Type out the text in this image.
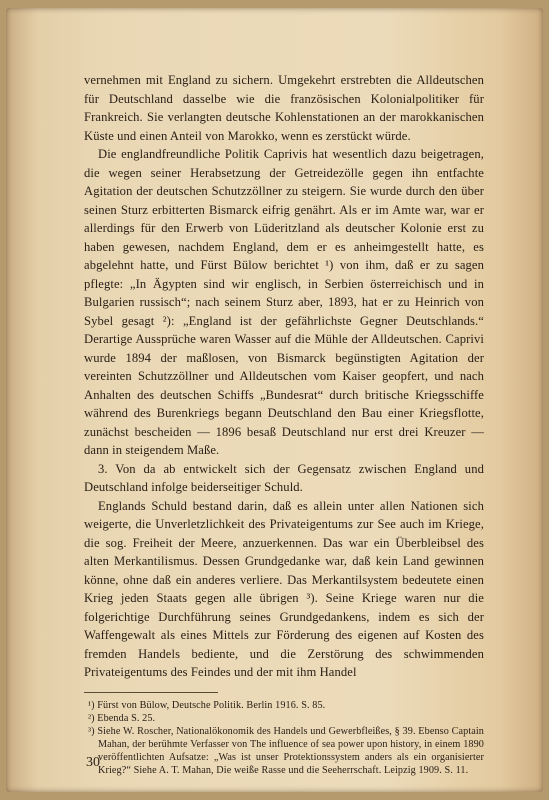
vernehmen mit England zu sichern. Umgekehrt erstrebten die Alldeutschen für Deutschland dasselbe wie die französischen Kolonialpolitiker für Frankreich. Sie verlangten deutsche Kohlenstationen an der marokkanischen Küste und einen Anteil von Marokko, wenn es zerstückt würde.

Die englandfreundliche Politik Caprivis hat wesentlich dazu beigetragen, die wegen seiner Herabsetzung der Getreidezölle gegen ihn entfachte Agitation der deutschen Schutzzöllner zu steigern. Sie wurde durch den über seinen Sturz erbitterten Bismarck eifrig genährt. Als er im Amte war, war er allerdings für den Erwerb von Lüderitzland als deutscher Kolonie erst zu haben gewesen, nachdem England, dem er es anheimgestellt hatte, es abgelehnt hatte, und Fürst Bülow berichtet ¹) von ihm, daß er zu sagen pflegte: „In Ägypten sind wir englisch, in Serbien österreichisch und in Bulgarien russisch“; nach seinem Sturz aber, 1893, hat er zu Heinrich von Sybel gesagt ²): „England ist der gefährlichste Gegner Deutschlands.“ Derartige Aussprüche waren Wasser auf die Mühle der Alldeutschen. Caprivi wurde 1894 der maßlosen, von Bismarck begünstigten Agitation der vereinten Schutzzöllner und Alldeutschen vom Kaiser geopfert, und nach Anhalten des deutschen Schiffs „Bundesrat“ durch britische Kriegsschiffe während des Burenkriegs begann Deutschland den Bau einer Kriegsflotte, zunächst bescheiden — 1896 besaß Deutschland nur erst drei Kreuzer — dann in steigendem Maße.

3. Von da ab entwickelt sich der Gegensatz zwischen England und Deutschland infolge beiderseitiger Schuld.

Englands Schuld bestand darin, daß es allein unter allen Nationen sich weigerte, die Unverletzlichkeit des Privateigentums zur See auch im Kriege, die sog. Freiheit der Meere, anzuerkennen. Das war ein Überbleibsel des alten Merkantilismus. Dessen Grundgedanke war, daß kein Land gewinnen könne, ohne daß ein anderes verliere. Das Merkantilsystem bedeutete einen Krieg jeden Staats gegen alle übrigen ³). Seine Kriege waren nur die folgerichtige Durchführung seines Grundgedankens, indem es sich der Waffengewalt als eines Mittels zur Förderung des eigenen auf Kosten des fremden Handels bediente, und die Zerstörung des schwimmenden Privateigentums des Feindes und der mit ihm Handel

¹) Fürst von Bülow, Deutsche Politik. Berlin 1916. S. 85.

²) Ebenda S. 25.

³) Siehe W. Roscher, Nationalökonomik des Handels und Gewerbfleißes, § 39. Ebenso Captain Mahan, der berühmte Verfasser von The influence of sea power upon history, in einem 1890 veröffentlichten Aufsatze: „Was ist unser Protektionssystem anders als ein organisierter Krieg?“ Siehe A. T. Mahan, Die weiße Rasse und die Seeherrschaft. Leipzig 1909. S. 11.

30
